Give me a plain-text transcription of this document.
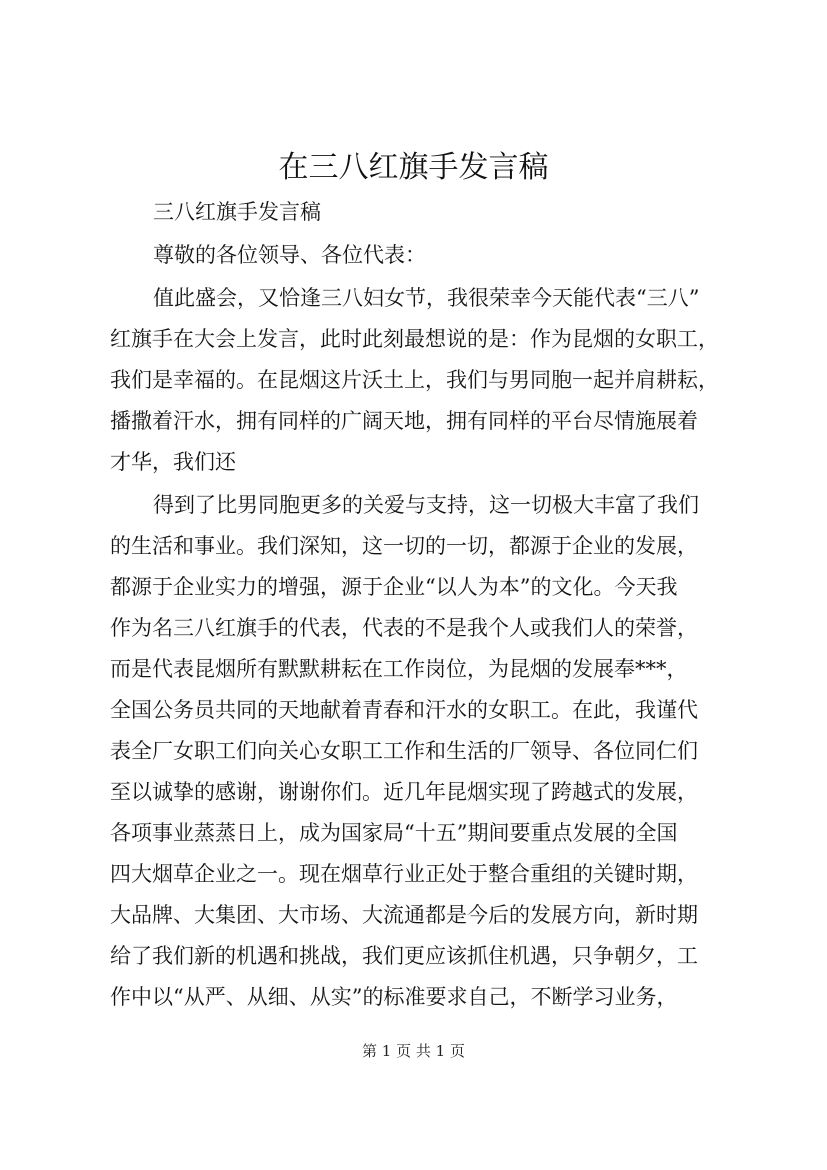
在三八红旗手发言稿
三八红旗手发言稿
尊敬的各位领导、各位代表：
值此盛会，又恰逢三八妇女节，我很荣幸今天能代表“三八”
红旗手在大会上发言，此时此刻最想说的是：作为昆烟的女职工，
我们是幸福的。在昆烟这片沃土上，我们与男同胞一起并肩耕耘，
播撒着汗水，拥有同样的广阔天地，拥有同样的平台尽情施展着
才华，我们还
得到了比男同胞更多的关爱与支持，这一切极大丰富了我们
的生活和事业。我们深知，这一切的一切，都源于企业的发展，
都源于企业实力的增强，源于企业“以人为本”的文化。今天我
作为名三八红旗手的代表，代表的不是我个人或我们人的荣誉，
而是代表昆烟所有默默耕耘在工作岗位，为昆烟的发展奉***，
全国公务员共同的天地献着青春和汗水的女职工。在此，我谨代
表全厂女职工们向关心女职工工作和生活的厂领导、各位同仁们
至以诚挚的感谢，谢谢你们。近几年昆烟实现了跨越式的发展，
各项事业蒸蒸日上，成为国家局“十五”期间要重点发展的全国
四大烟草企业之一。现在烟草行业正处于整合重组的关键时期，
大品牌、大集团、大市场、大流通都是今后的发展方向，新时期
给了我们新的机遇和挑战，我们更应该抓住机遇，只争朝夕，工
作中以“从严、从细、从实”的标准要求自己，不断学习业务，
第 1 页 共 1 页
